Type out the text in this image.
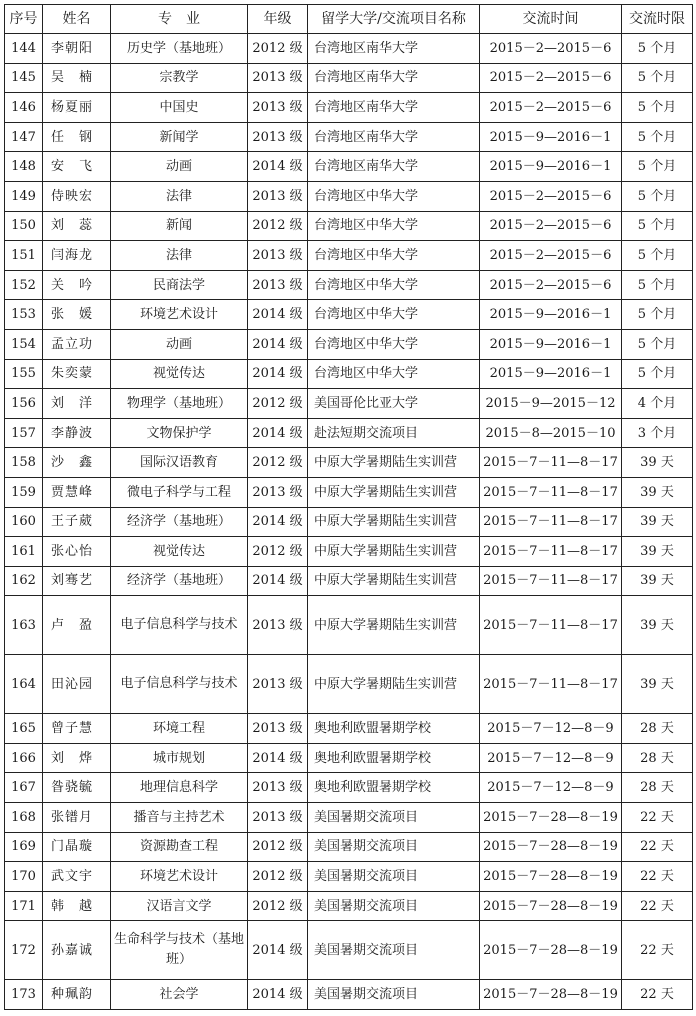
序号	姓名	专　业	年级	留学大学/交流项目名称	交流时间	交流时限
144	李朝阳	历史学（基地班）	2012 级	台湾地区南华大学	2015－2—2015－6	5 个月
145	吴　楠	宗教学	2013 级	台湾地区南华大学	2015－2—2015－6	5 个月
146	杨夏丽	中国史	2013 级	台湾地区南华大学	2015－2—2015－6	5 个月
147	任　钢	新闻学	2013 级	台湾地区南华大学	2015－9—2016－1	5 个月
148	安　飞	动画	2014 级	台湾地区南华大学	2015－9—2016－1	5 个月
149	侍映宏	法律	2013 级	台湾地区中华大学	2015－2—2015－6	5 个月
150	刘　蕊	新闻	2012 级	台湾地区中华大学	2015－2—2015－6	5 个月
151	闫海龙	法律	2013 级	台湾地区中华大学	2015－2—2015－6	5 个月
152	关　吟	民商法学	2013 级	台湾地区中华大学	2015－2—2015－6	5 个月
153	张　媛	环境艺术设计	2014 级	台湾地区中华大学	2015－9—2016－1	5 个月
154	孟立功	动画	2014 级	台湾地区中华大学	2015－9—2016－1	5 个月
155	朱奕蒙	视觉传达	2014 级	台湾地区中华大学	2015－9—2016－1	5 个月
156	刘　洋	物理学（基地班）	2012 级	美国哥伦比亚大学	2015－9—2015－12	4 个月
157	李静波	文物保护学	2014 级	赴法短期交流项目	2015－8—2015－10	3 个月
158	沙　鑫	国际汉语教育	2012 级	中原大学暑期陆生实训营	2015－7－11—8－17	39 天
159	贾慧峰	微电子科学与工程	2013 级	中原大学暑期陆生实训营	2015－7－11—8－17	39 天
160	王子葳	经济学（基地班）	2014 级	中原大学暑期陆生实训营	2015－7－11—8－17	39 天
161	张心怡	视觉传达	2012 级	中原大学暑期陆生实训营	2015－7－11—8－17	39 天
162	刘骞艺	经济学（基地班）	2014 级	中原大学暑期陆生实训营	2015－7－11—8－17	39 天
163	卢　盈	电子信息科学与技术	2013 级	中原大学暑期陆生实训营	2015－7－11—8－17	39 天
164	田沁园	电子信息科学与技术	2013 级	中原大学暑期陆生实训营	2015－7－11—8－17	39 天
165	曾子慧	环境工程	2013 级	奥地利欧盟暑期学校	2015－7－12—8－9	28 天
166	刘　烨	城市规划	2014 级	奥地利欧盟暑期学校	2015－7－12—8－9	28 天
167	昝骁毓	地理信息科学	2013 级	奥地利欧盟暑期学校	2015－7－12—8－9	28 天
168	张镨月	播音与主持艺术	2013 级	美国暑期交流项目	2015－7－28—8－19	22 天
169	门晶璇	资源勘查工程	2012 级	美国暑期交流项目	2015－7－28—8－19	22 天
170	武文宇	环境艺术设计	2012 级	美国暑期交流项目	2015－7－28—8－19	22 天
171	韩　越	汉语言文学	2012 级	美国暑期交流项目	2015－7－28—8－19	22 天
172	孙嘉诚	生命科学与技术（基地班）	2014 级	美国暑期交流项目	2015－7－28—8－19	22 天
173	种珮韵	社会学	2014 级	美国暑期交流项目	2015－7－28—8－19	22 天
